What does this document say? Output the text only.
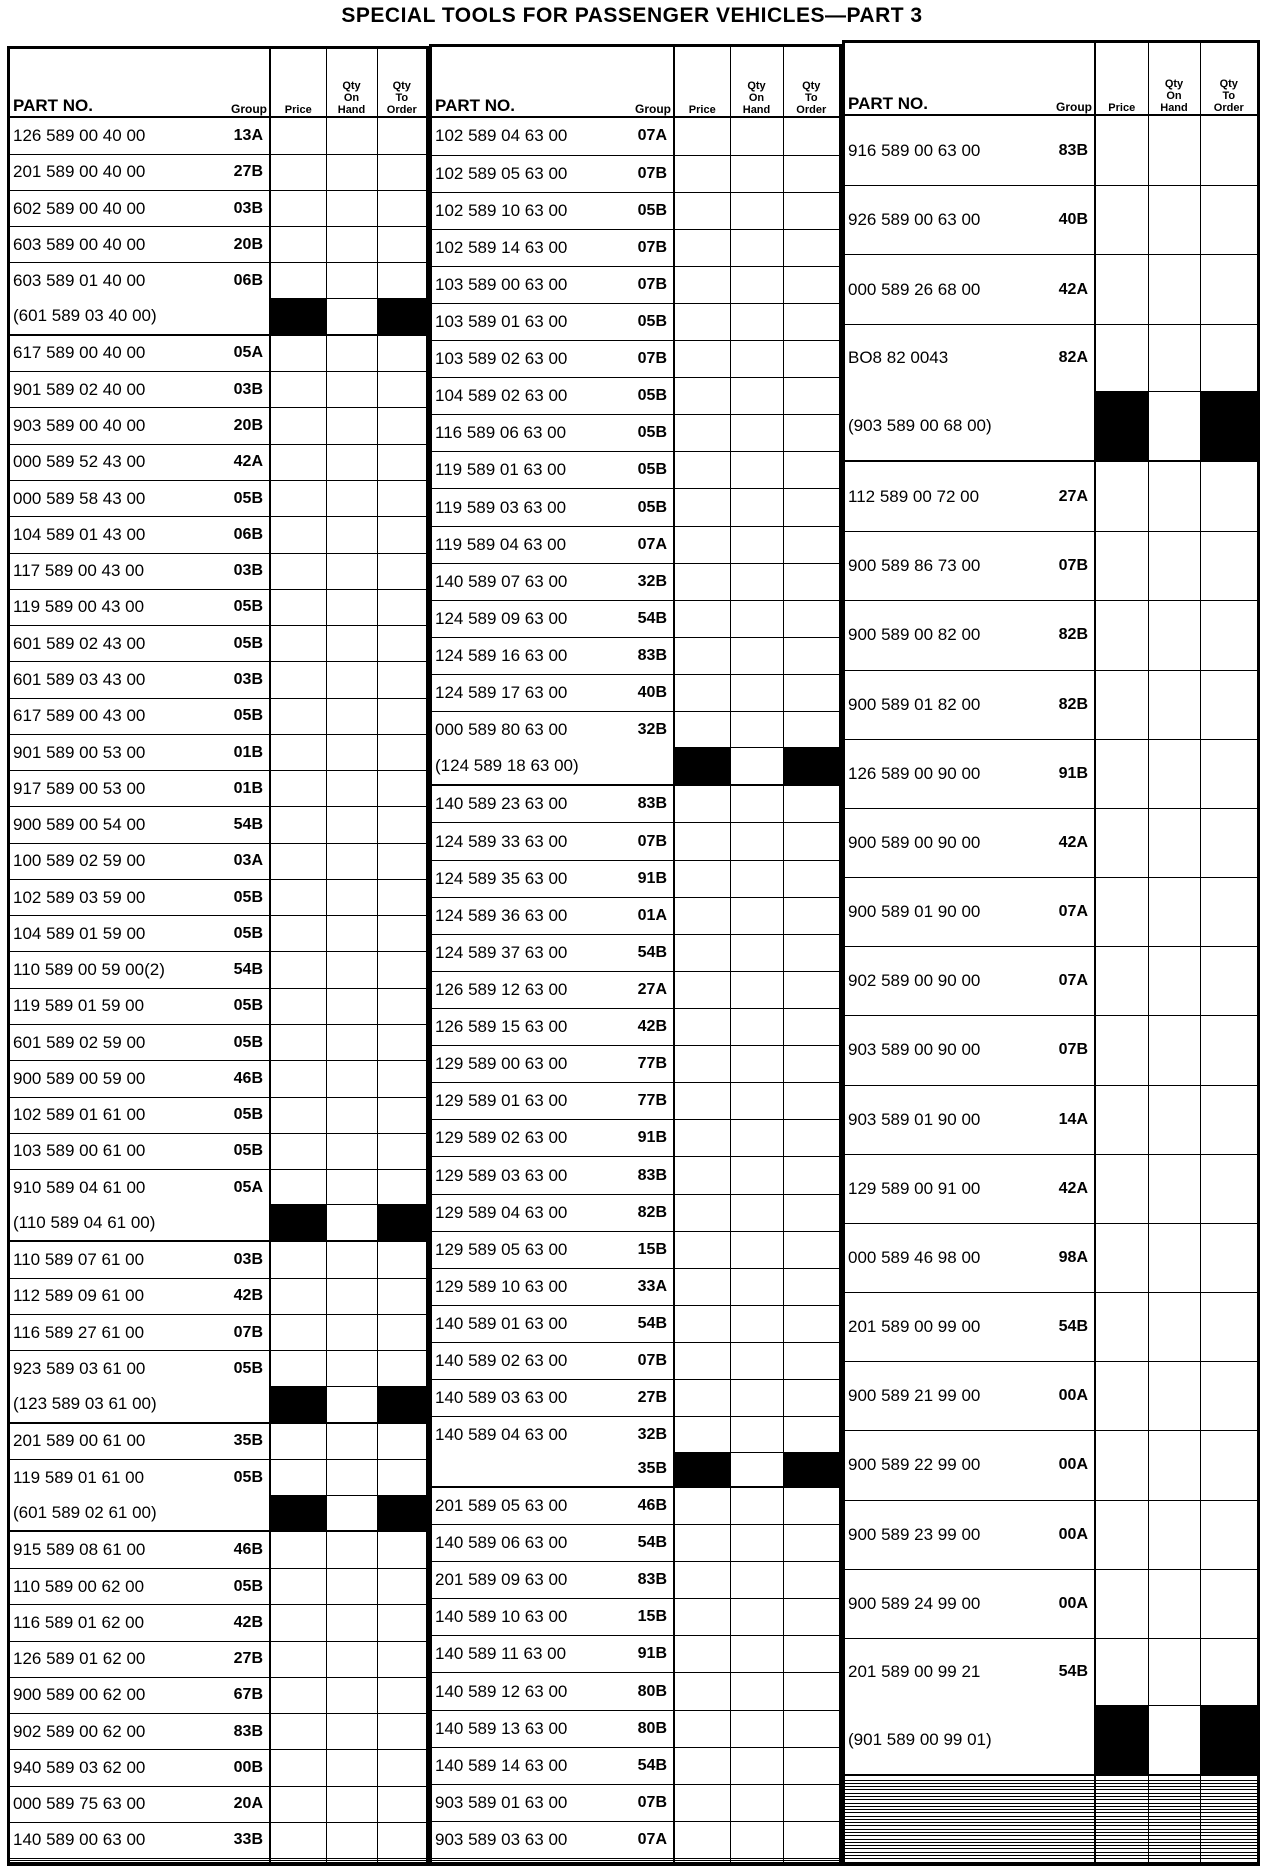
SPECIAL TOOLS FOR PASSENGER VEHICLES—PART 3
PART NO. Group	Price	Qty
On
Hand	Qty
To
Order

126 589 00 40 00 13A			

201 589 00 40 00 27B			

602 589 00 40 00 03B			

603 589 00 40 00 20B			

603 589 01 40 00 06B			

(601 589 03 40 00)			

617 589 00 40 00 05A			

901 589 02 40 00 03B			

903 589 00 40 00 20B			

000 589 52 43 00 42A			

000 589 58 43 00 05B			

104 589 01 43 00 06B			

117 589 00 43 00 03B			

119 589 00 43 00 05B			

601 589 02 43 00 05B			

601 589 03 43 00 03B			

617 589 00 43 00 05B			

901 589 00 53 00 01B			

917 589 00 53 00 01B			

900 589 00 54 00 54B			

100 589 02 59 00 03A			

102 589 03 59 00 05B			

104 589 01 59 00 05B			

110 589 00 59 00(2) 54B			

119 589 01 59 00 05B			

601 589 02 59 00 05B			

900 589 00 59 00 46B			

102 589 01 61 00 05B			

103 589 00 61 00 05B			

910 589 04 61 00 05A			

(110 589 04 61 00)			

110 589 07 61 00 03B			

112 589 09 61 00 42B			

116 589 27 61 00 07B			

923 589 03 61 00 05B			

(123 589 03 61 00)			

201 589 00 61 00 35B			

119 589 01 61 00 05B			

(601 589 02 61 00)			

915 589 08 61 00 46B			

110 589 00 62 00 05B			

116 589 01 62 00 42B			

126 589 01 62 00 27B			

900 589 00 62 00 67B			

902 589 00 62 00 83B			

940 589 03 62 00 00B			

000 589 75 63 00 20A			

140 589 00 63 00 33B			

PART NO. Group	Price	Qty
On
Hand	Qty
To
Order

102 589 04 63 00 07A			

102 589 05 63 00 07B			

102 589 10 63 00 05B			

102 589 14 63 00 07B			

103 589 00 63 00 07B			

103 589 01 63 00 05B			

103 589 02 63 00 07B			

104 589 02 63 00 05B			

116 589 06 63 00 05B			

119 589 01 63 00 05B			

119 589 03 63 00 05B			

119 589 04 63 00 07A			

140 589 07 63 00 32B			

124 589 09 63 00 54B			

124 589 16 63 00 83B			

124 589 17 63 00 40B			

000 589 80 63 00 32B			

(124 589 18 63 00)			

140 589 23 63 00 83B			

124 589 33 63 00 07B			

124 589 35 63 00 91B			

124 589 36 63 00 01A			

124 589 37 63 00 54B			

126 589 12 63 00 27A			

126 589 15 63 00 42B			

129 589 00 63 00 77B			

129 589 01 63 00 77B			

129 589 02 63 00 91B			

129 589 03 63 00 83B			

129 589 04 63 00 82B			

129 589 05 63 00 15B			

129 589 10 63 00 33A			

140 589 01 63 00 54B			

140 589 02 63 00 07B			

140 589 03 63 00 27B			

140 589 04 63 00 32B			

35B			

201 589 05 63 00 46B			

140 589 06 63 00 54B			

201 589 09 63 00 83B			

140 589 10 63 00 15B			

140 589 11 63 00 91B			

140 589 12 63 00 80B			

140 589 13 63 00 80B			

140 589 14 63 00 54B			

903 589 01 63 00 07B			

903 589 03 63 00 07A			

PART NO. Group	Price	Qty
On
Hand	Qty
To
Order

916 589 00 63 00 83B			

926 589 00 63 00 40B			

000 589 26 68 00 42A			

BO8 82 0043 82A			

(903 589 00 68 00)			

112 589 00 72 00 27A			

900 589 86 73 00 07B			

900 589 00 82 00 82B			

900 589 01 82 00 82B			

126 589 00 90 00 91B			

900 589 00 90 00 42A			

900 589 01 90 00 07A			

902 589 00 90 00 07A			

903 589 00 90 00 07B			

903 589 01 90 00 14A			

129 589 00 91 00 42A			

000 589 46 98 00 98A			

201 589 00 99 00 54B			

900 589 21 99 00 00A			

900 589 22 99 00 00A			

900 589 23 99 00 00A			

900 589 24 99 00 00A			

201 589 00 99 21 54B			

(901 589 00 99 01)			
